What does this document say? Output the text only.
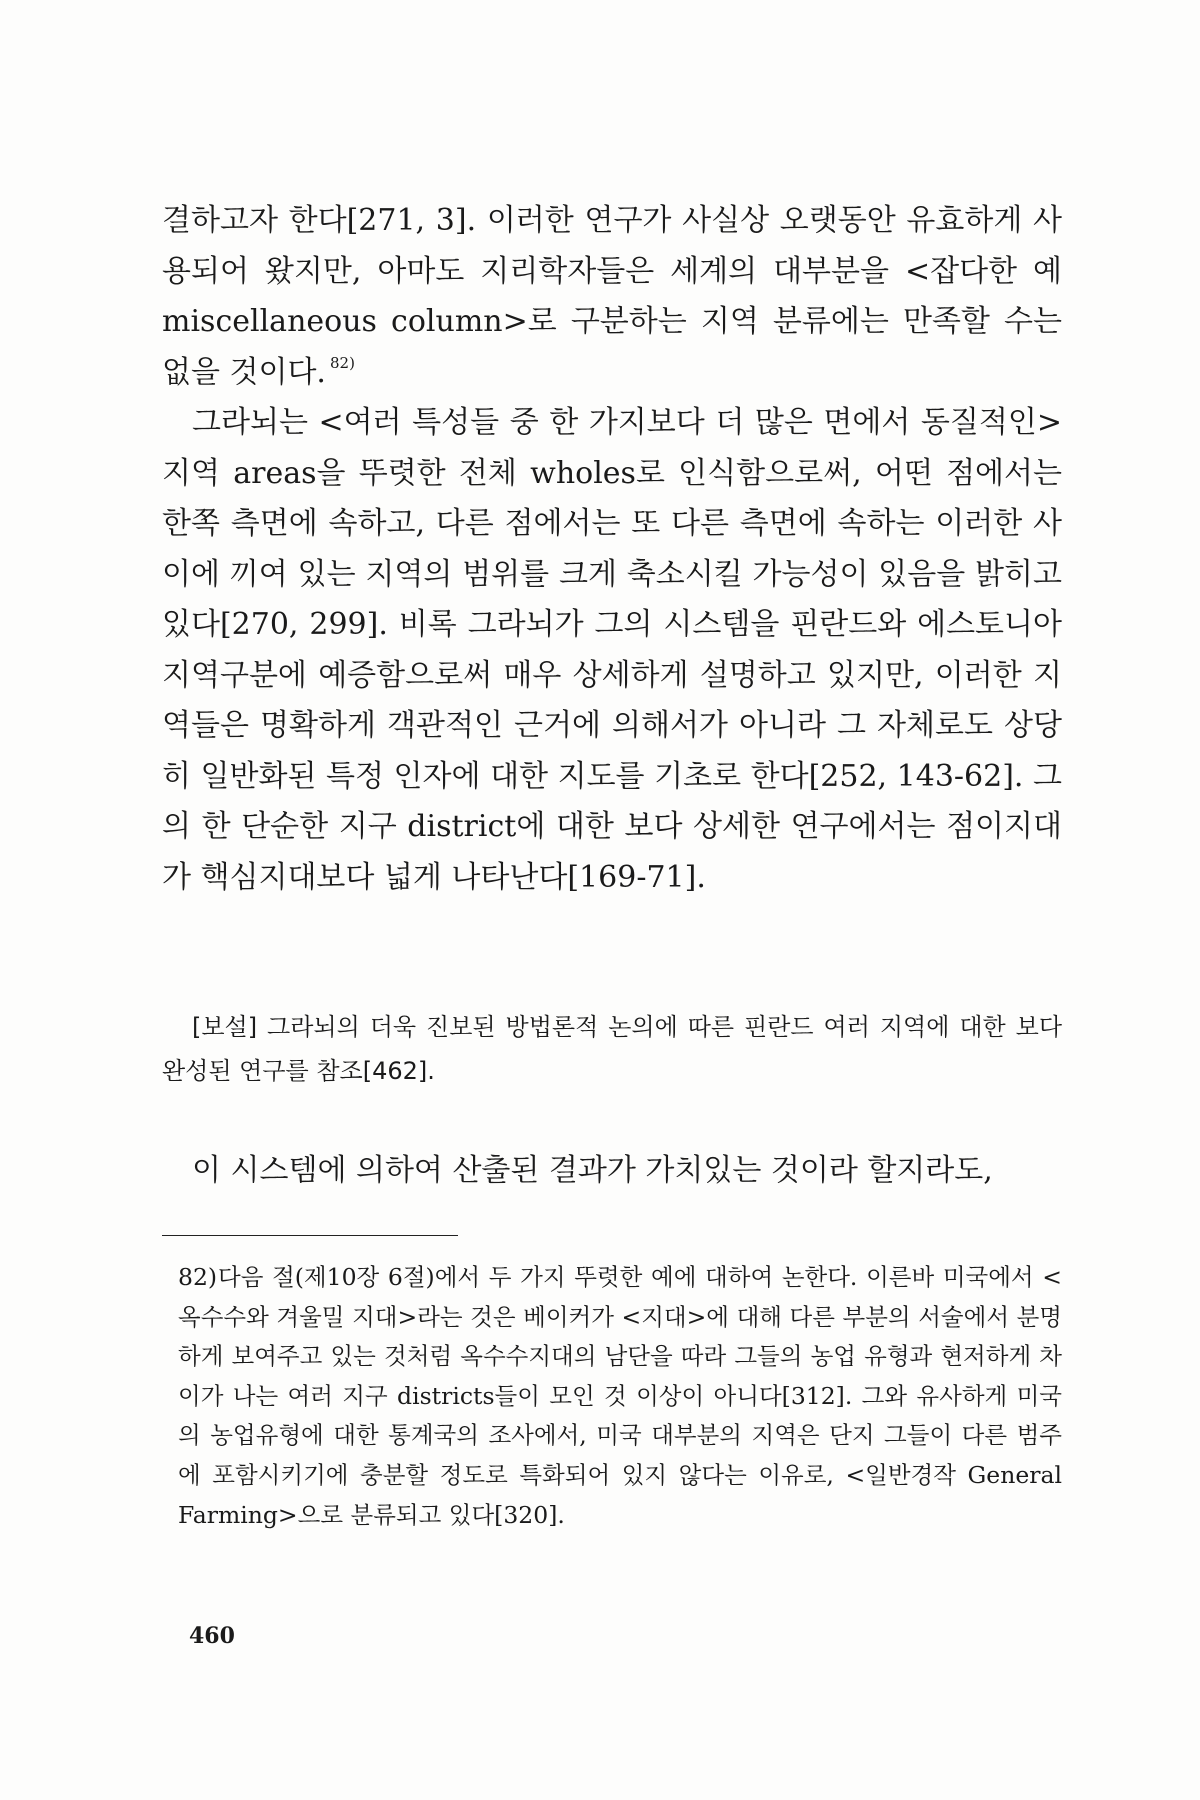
결하고자 한다[271, 3]. 이러한 연구가 사실상 오랫동안 유효하게 사용되어 왔지만, 아마도 지리학자들은 세계의 대부분을 <잡다한 예 miscellaneous column>로 구분하는 지역 분류에는 만족할 수는 없을 것이다. $^{82)}$

그라뇌는 <여러 특성들 중 한 가지보다 더 많은 면에서 동질적인> 지역 areas을 뚜렷한 전체 wholes로 인식함으로써, 어떤 점에서는 한쪽 측면에 속하고, 다른 점에서는 또 다른 측면에 속하는 이러한 사이에 끼여 있는 지역의 범위를 크게 축소시킬 가능성이 있음을 밝히고 있다[270, 299]. 비록 그라뇌가 그의 시스템을 핀란드와 에스토니아 지역구분에 예증함으로써 매우 상세하게 설명하고 있지만, 이러한 지역들은 명확하게 객관적인 근거에 의해서가 아니라 그 자체로도 상당히 일반화된 특정 인자에 대한 지도를 기초로 한다[252, 143-62]. 그의 한 단순한 지구 district에 대한 보다 상세한 연구에서는 점이지대가 핵심지대보다 넓게 나타난다[169-71].

[보설] 그라뇌의 더욱 진보된 방법론적 논의에 따른 핀란드 여러 지역에 대한 보다 완성된 연구를 참조[462].
이 시스템에 의하여 산출된 결과가 가치있는 것이라 할지라도,
82)다음 절(제10장 6절)에서 두 가지 뚜렷한 예에 대하여 논한다. 이른바 미국에서 <옥수수와 겨울밀 지대>라는 것은 베이커가 <지대>에 대해 다른 부분의 서술에서 분명하게 보여주고 있는 것처럼 옥수수지대의 남단을 따라 그들의 농업 유형과 현저하게 차이가 나는 여러 지구 districts들이 모인 것 이상이 아니다[312]. 그와 유사하게 미국의 농업유형에 대한 통계국의 조사에서, 미국 대부분의 지역은 단지 그들이 다른 범주에 포함시키기에 충분할 정도로 특화되어 있지 않다는 이유로, <일반경작 General Farming>으로 분류되고 있다[320].
460
